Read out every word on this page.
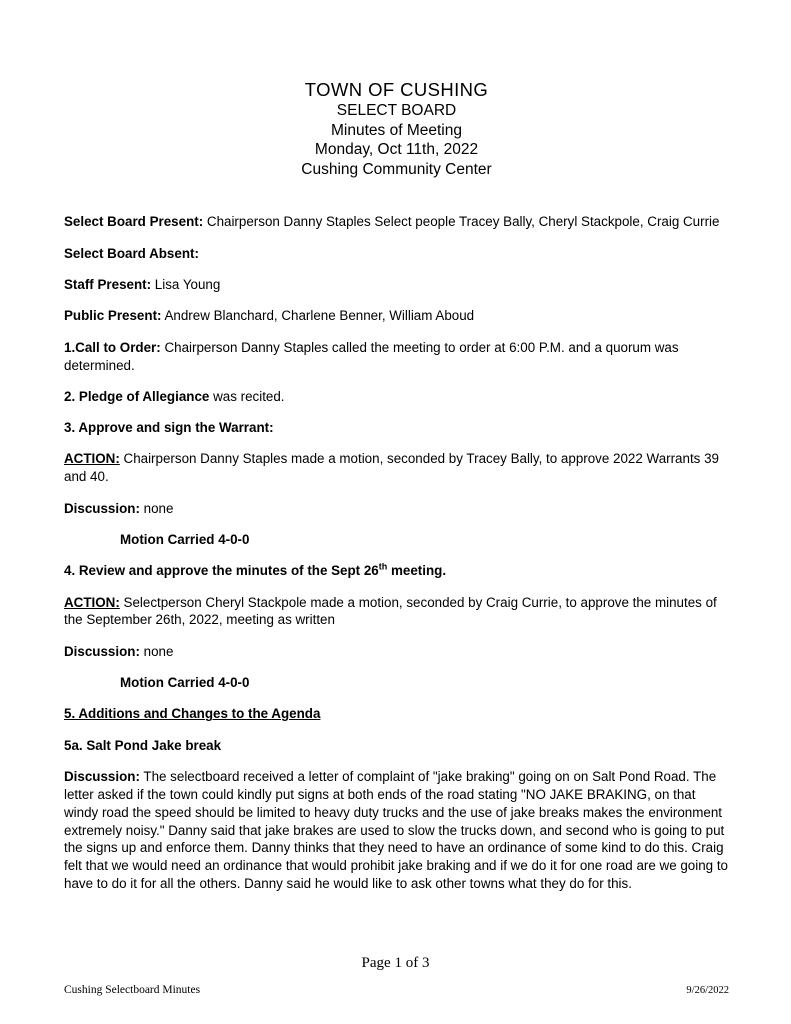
TOWN OF CUSHING
SELECT BOARD
Minutes of Meeting
Monday, Oct 11th, 2022
Cushing Community Center

Select Board Present: Chairperson Danny Staples Select people Tracey Bally, Cheryl Stackpole, Craig Currie

Select Board Absent:

Staff Present: Lisa Young

Public Present: Andrew Blanchard, Charlene Benner, William Aboud

1.Call to Order: Chairperson Danny Staples called the meeting to order at 6:00 P.M. and a quorum was determined.

2. Pledge of Allegiance was recited.

3. Approve and sign the Warrant:

ACTION: Chairperson Danny Staples made a motion, seconded by Tracey Bally, to approve 2022 Warrants 39 and 40.

Discussion: none

Motion Carried 4-0-0

4. Review and approve the minutes of the Sept 26th meeting.

ACTION: Selectperson Cheryl Stackpole made a motion, seconded by Craig Currie, to approve the minutes of the September 26th, 2022, meeting as written

Discussion: none

Motion Carried 4-0-0

5. Additions and Changes to the Agenda

5a. Salt Pond Jake break

Discussion: The selectboard received a letter of complaint of "jake braking" going on on Salt Pond Road. The letter asked if the town could kindly put signs at both ends of the road stating "NO JAKE BRAKING, on that windy road the speed should be limited to heavy duty trucks and the use of jake breaks makes the environment extremely noisy." Danny said that jake brakes are used to slow the trucks down, and second who is going to put the signs up and enforce them. Danny thinks that they need to have an ordinance of some kind to do this. Craig felt that we would need an ordinance that would prohibit jake braking and if we do it for one road are we going to have to do it for all the others. Danny said he would like to ask other towns what they do for this.

Page 1 of 3
Cushing Selectboard Minutes	9/26/2022
